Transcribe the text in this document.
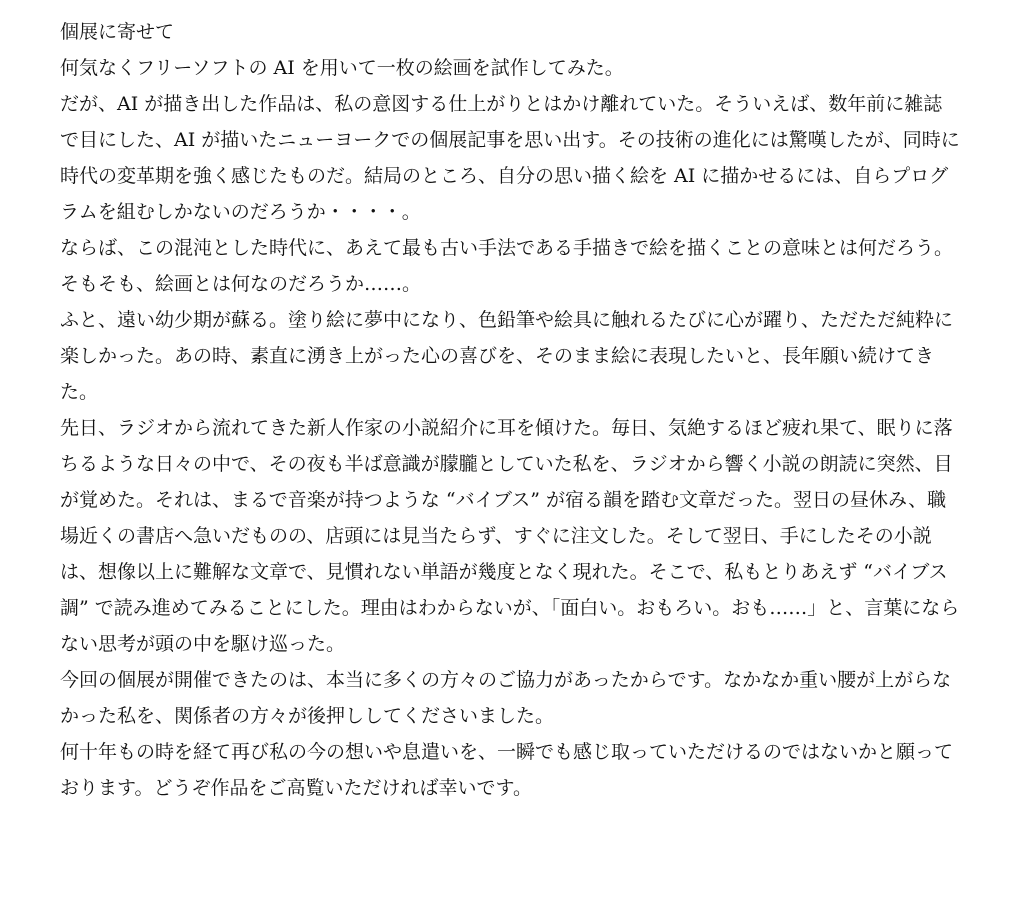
個展に寄せて

何気なくフリーソフトの AI を用いて一枚の絵画を試作してみた。

だが、AI が描き出した作品は、私の意図する仕上がりとはかけ離れていた。そういえば、数年前に雑誌で目にした、AI が描いたニューヨークでの個展記事を思い出す。その技術の進化には驚嘆したが、同時に時代の変革期を強く感じたものだ。結局のところ、自分の思い描く絵を AI に描かせるには、自らプログラムを組むしかないのだろうか・・・・。

ならば、この混沌とした時代に、あえて最も古い手法である手描きで絵を描くことの意味とは何だろう。そもそも、絵画とは何なのだろうか……。

ふと、遠い幼少期が蘇る。塗り絵に夢中になり、色鉛筆や絵具に触れるたびに心が躍り、ただただ純粋に楽しかった。あの時、素直に湧き上がった心の喜びを、そのまま絵に表現したいと、長年願い続けてきた。

先日、ラジオから流れてきた新人作家の小説紹介に耳を傾けた。毎日、気絶するほど疲れ果て、眠りに落ちるような日々の中で、その夜も半ば意識が朦朧としていた私を、ラジオから響く小説の朗読に突然、目が覚めた。それは、まるで音楽が持つような “バイブス” が宿る韻を踏む文章だった。翌日の昼休み、職場近くの書店へ急いだものの、店頭には見当たらず、すぐに注文した。そして翌日、手にしたその小説は、想像以上に難解な文章で、見慣れない単語が幾度となく現れた。そこで、私もとりあえず “バイブス調” で読み進めてみることにした。理由はわからないが、「面白い。おもろい。おも……」と、言葉にならない思考が頭の中を駆け巡った。

今回の個展が開催できたのは、本当に多くの方々のご協力があったからです。なかなか重い腰が上がらなかった私を、関係者の方々が後押ししてくださいました。

何十年もの時を経て再び私の今の想いや息遣いを、一瞬でも感じ取っていただけるのではないかと願っております。どうぞ作品をご高覧いただければ幸いです。
